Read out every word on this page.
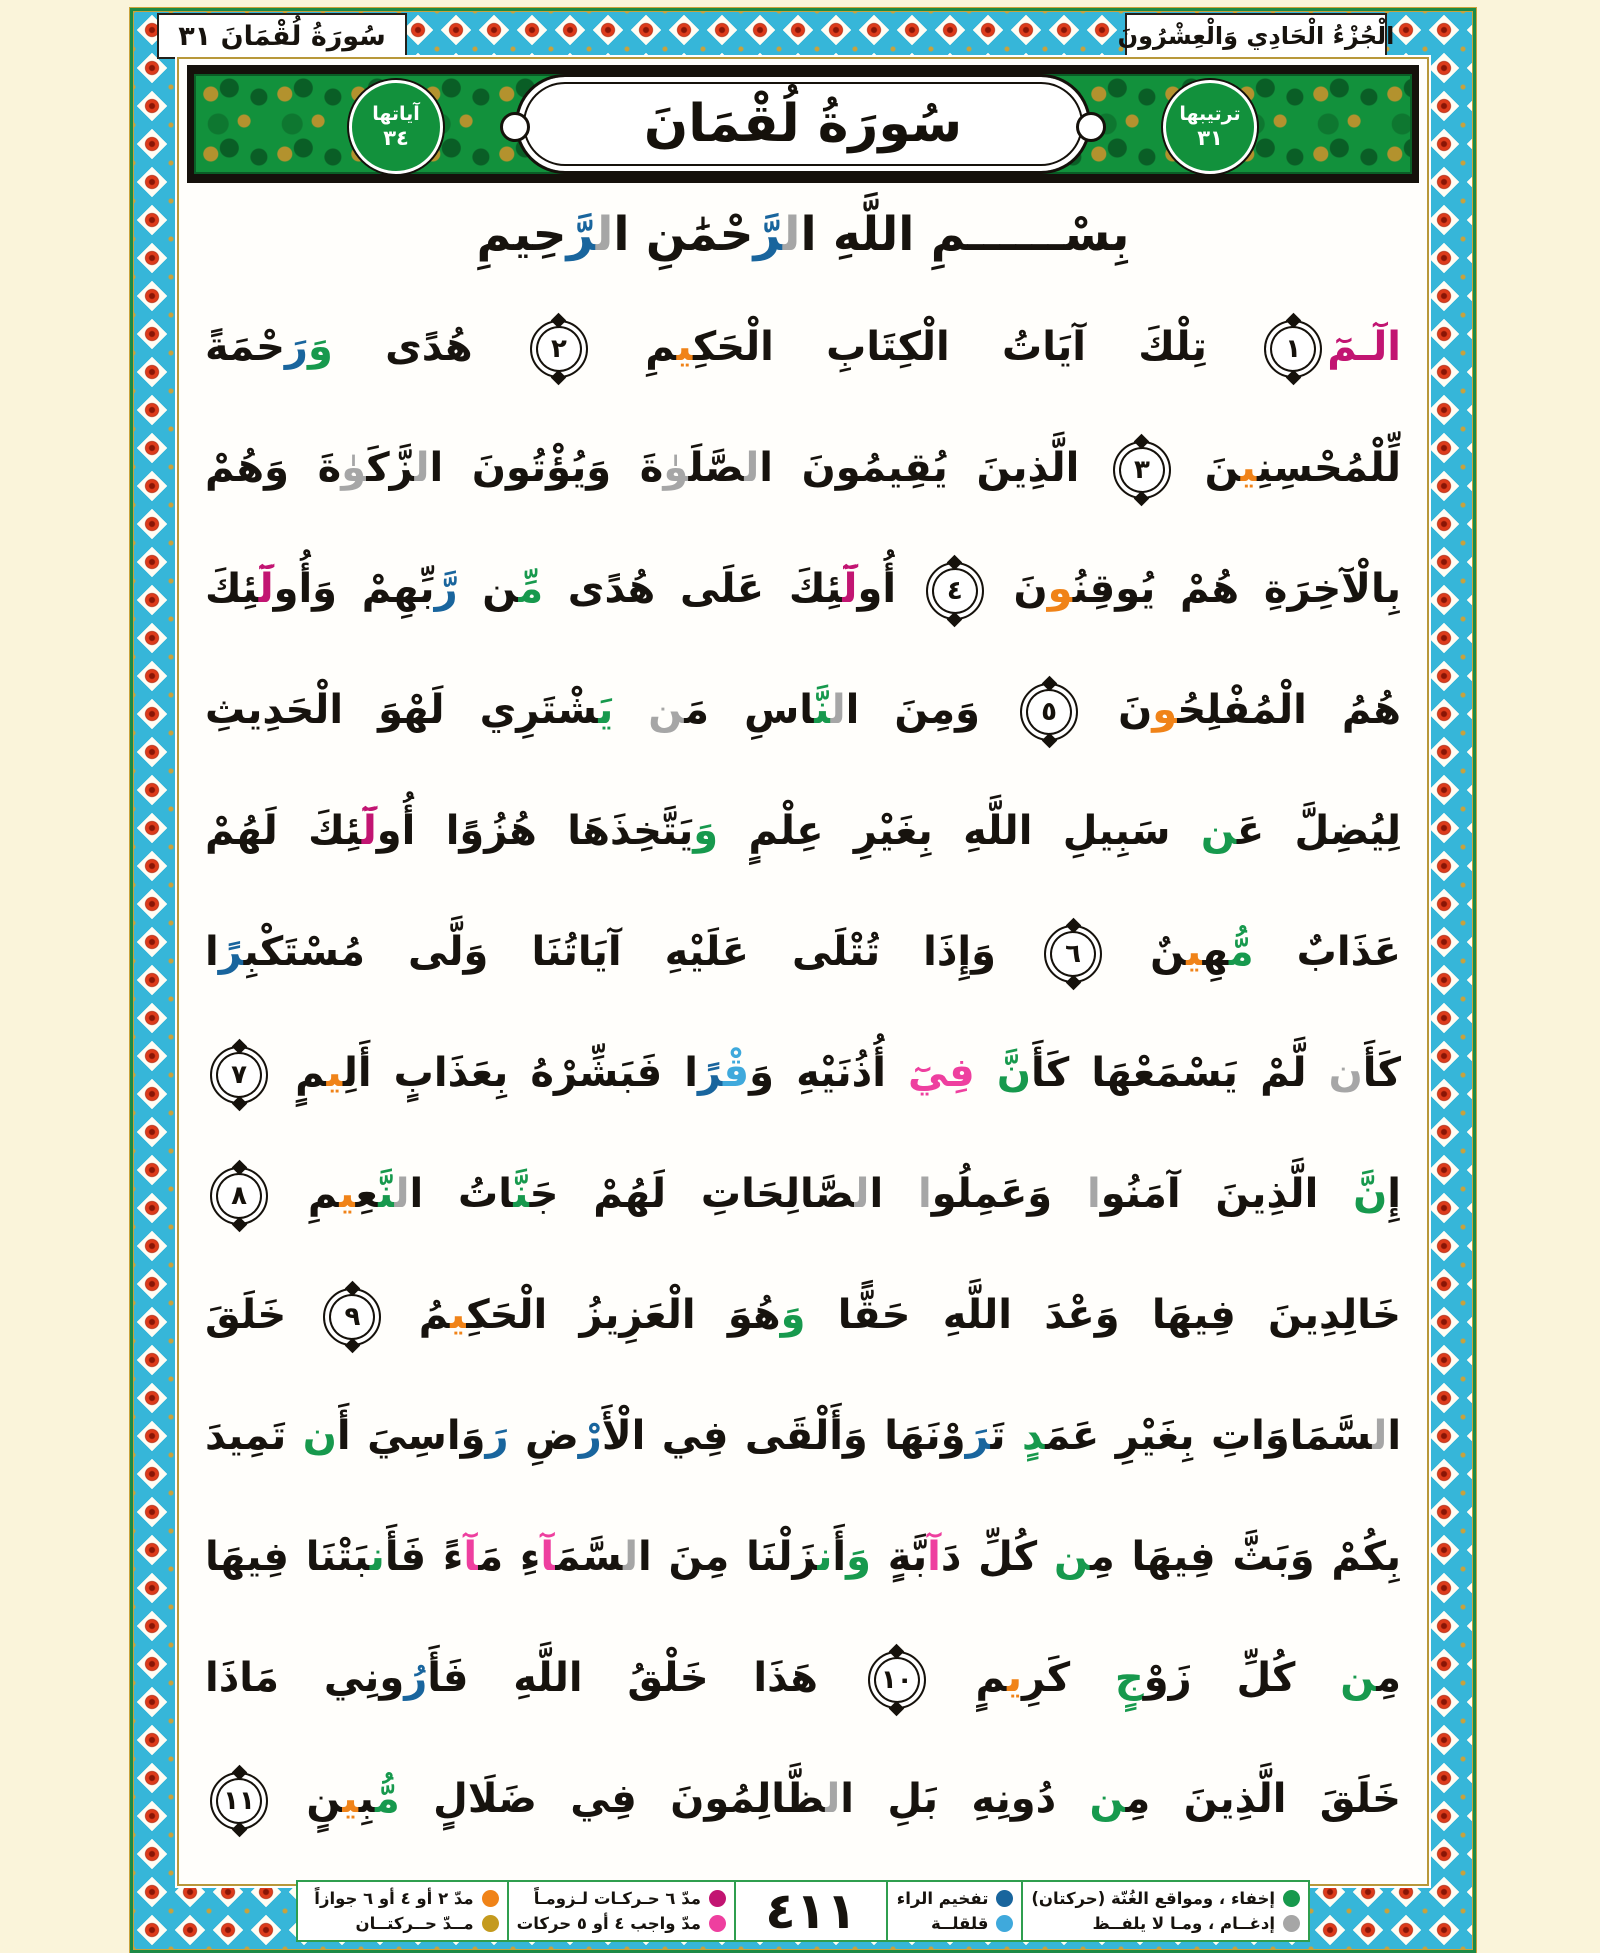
سُورَةُ لُقْمَانَ ٣١	الْجُزْءُ الْحَادِي وَالْعِشْرُونَ
ترتيبها
٣١
سُورَةُ لُقْمَانَ
آياتها
٣٤
بِسْــــــمِ اللَّهِ الرَّحْمَٰنِ الرَّحِيمِ
الٓـمٓ
١
تِلْكَ آيَاتُ الْكِتَابِ الْحَكِيمِ
٢
هُدًى وَرَحْمَةً
لِّلْمُحْسِنِينَ
٣
الَّذِينَ يُقِيمُونَ الصَّلَوٰةَ وَيُؤْتُونَ الزَّكَوٰةَ وَهُمْ
بِالْآخِرَةِ هُمْ يُوقِنُونَ
٤
أُولَٓئِكَ عَلَى هُدًى مِّن رَّبِّهِمْ وَأُولَٓئِكَ
هُمُ الْمُفْلِحُونَ
٥
وَمِنَ النَّاسِ مَن يَشْتَرِي لَهْوَ الْحَدِيثِ
لِيُضِلَّ عَن سَبِيلِ اللَّهِ بِغَيْرِ عِلْمٍ وَيَتَّخِذَهَا هُزُوًا أُولَٓئِكَ لَهُمْ
عَذَابٌ مُّهِينٌ
٦
وَإِذَا تُتْلَى عَلَيْهِ آيَاتُنَا وَلَّى مُسْتَكْبِرًا
كَأَن لَّمْ يَسْمَعْهَا كَأَنَّ فِيٓ أُذُنَيْهِ وَقْرًا فَبَشِّرْهُ بِعَذَابٍ أَلِيمٍ
٧
إِنَّ الَّذِينَ آمَنُوا وَعَمِلُوا الصَّالِحَاتِ لَهُمْ جَنَّاتُ النَّعِيمِ
٨
خَالِدِينَ فِيهَا وَعْدَ اللَّهِ حَقًّا وَهُوَ الْعَزِيزُ الْحَكِيمُ
٩
خَلَقَ
السَّمَاوَاتِ بِغَيْرِ عَمَدٍ تَرَوْنَهَا وَأَلْقَى فِي الْأَرْضِ رَوَاسِيَ أَن تَمِيدَ
بِكُمْ وَبَثَّ فِيهَا مِن كُلِّ دَآبَّةٍ وَأَنزَلْنَا مِنَ السَّمَآءِ مَآءً فَأَنبَتْنَا فِيهَا
مِن كُلِّ زَوْجٍ كَرِيمٍ
١٠
هَذَا خَلْقُ اللَّهِ فَأَرُونِي مَاذَا
خَلَقَ الَّذِينَ مِن دُونِهِ بَلِ الظَّالِمُونَ فِي ضَلَالٍ مُّبِينٍ
١١
إخفاء ، ومواقع الغُنّة (حركتان)
إدغــام ، ومـا لا يلفــظ
تفخيم الراء
قلقلــة
٤١١
مدّ ٦ حـركـات لـزومـاً
مدّ واجب ٤ أو ٥ حركات
مدّ ٢ أو ٤ أو ٦ جوازاً
مــدّ حــركتــان
